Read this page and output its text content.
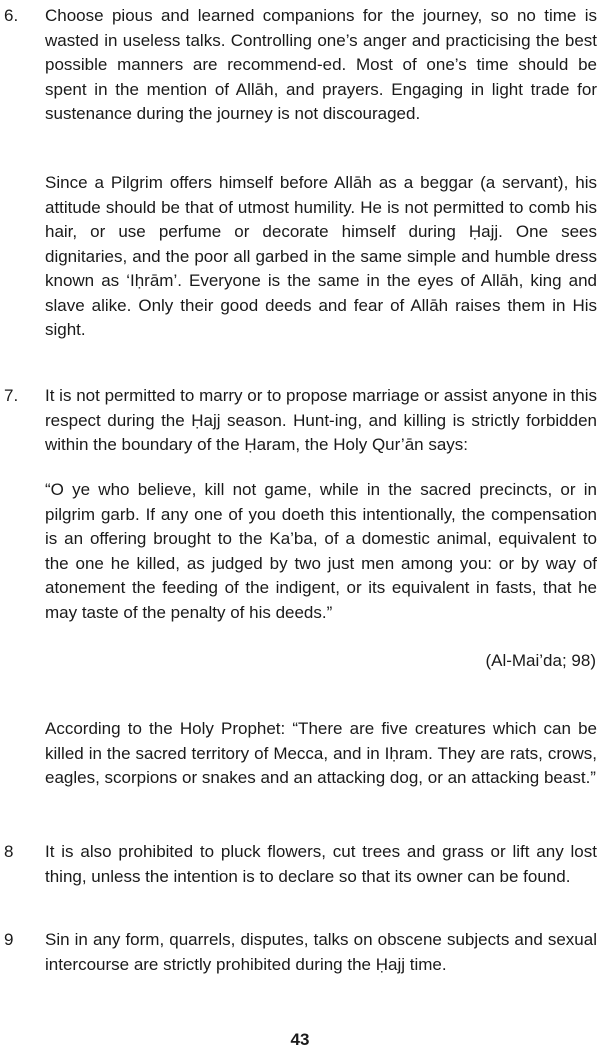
6. Choose pious and learned companions for the journey, so no time is wasted in useless talks. Controlling one’s anger and practicising the best possible manners are recommend-ed. Most of one’s time should be spent in the mention of Allāh, and prayers. Engaging in light trade for sustenance during the journey is not discouraged.

Since a Pilgrim offers himself before Allāh as a beggar (a servant), his attitude should be that of utmost humility. He is not permitted to comb his hair, or use perfume or decorate himself during Ḥajj. One sees dignitaries, and the poor all garbed in the same simple and humble dress known as ‘Iḥrām’. Everyone is the same in the eyes of Allāh, king and slave alike. Only their good deeds and fear of Allāh raises them in His sight.

7. It is not permitted to marry or to propose marriage or assist anyone in this respect during the Ḥajj season. Hunt-ing, and killing is strictly forbidden within the boundary of the Ḥaram, the Holy Qur’ān says:

“O ye who believe, kill not game, while in the sacred precincts, or in pilgrim garb. If any one of you doeth this intentionally, the compensation is an offering brought to the Ka’ba, of a domestic animal, equivalent to the one he killed, as judged by two just men among you: or by way of atonement the feeding of the indigent, or its equivalent in fasts, that he may taste of the penalty of his deeds.”

(Al-Mai’da; 98)

According to the Holy Prophet: “There are five creatures which can be killed in the sacred territory of Mecca, and in Iḥram. They are rats, crows, eagles, scorpions or snakes and an attacking dog, or an attacking beast.”

8 It is also prohibited to pluck flowers, cut trees and grass or lift any lost thing, unless the intention is to declare so that its owner can be found.

9 Sin in any form, quarrels, disputes, talks on obscene subjects and sexual intercourse are strictly prohibited during the Ḥajj time.

43
